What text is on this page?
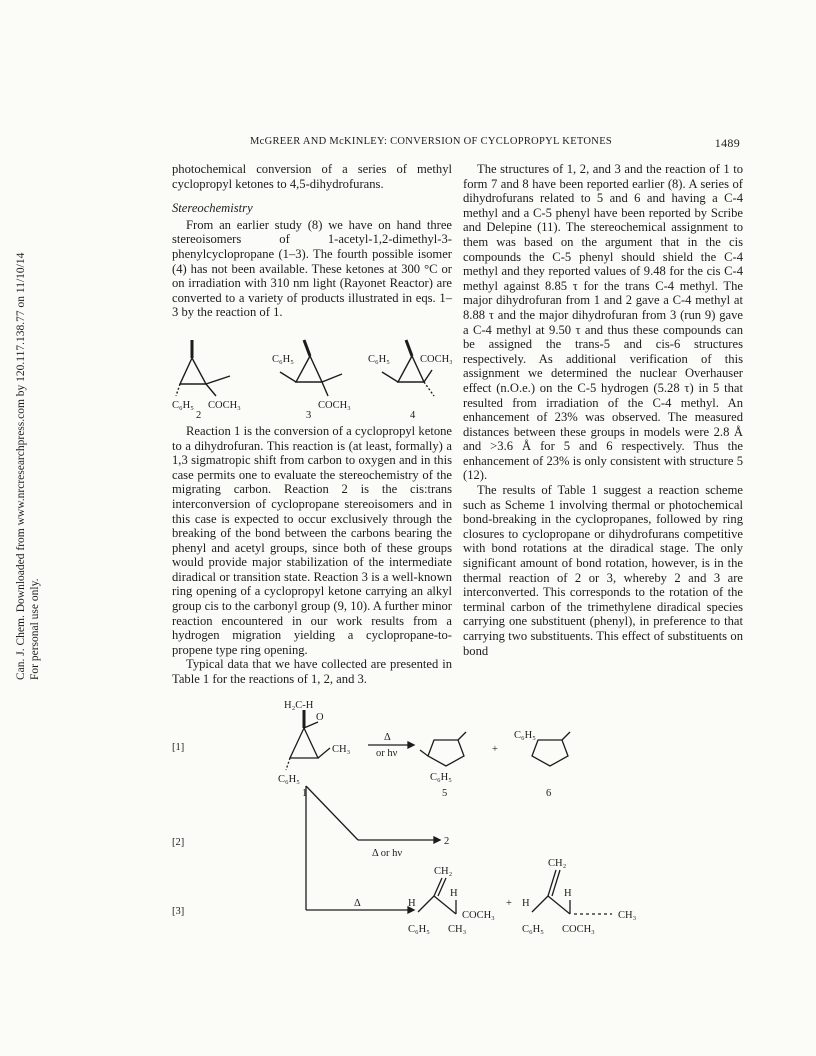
Can. J. Chem. Downloaded from www.nrcresearchpress.com by 120.117.138.77 on 11/10/14 For personal use only.
McGREER AND McKINLEY: CONVERSION OF CYCLOPROPYL KETONES	1489

photochemical conversion of a series of methyl cyclopropyl ketones to 4,5-dihydrofurans.

Stereochemistry

From an earlier study (8) we have on hand three stereoisomers of 1-acetyl-1,2-dimethyl-3-phenylcyclopropane (1–3). The fourth possible isomer (4) has not been available. These ketones at 300 °C or on irradiation with 310 nm light (Rayonet Reactor) are converted to a variety of products illustrated in eqs. 1–3 by the reaction of 1.

C₆H₅ COCH₃
2
C₆H₅
COCH₃
3
C₆H₅	COCH₃
4

Reaction 1 is the conversion of a cyclopropyl ketone to a dihydrofuran. This reaction is (at least, formally) a 1,3 sigmatropic shift from carbon to oxygen and in this case permits one to evaluate the stereochemistry of the migrating carbon. Reaction 2 is the cis:trans interconversion of cyclopropane stereoisomers and in this case is expected to occur exclusively through the breaking of the bond between the carbons bearing the phenyl and acetyl groups, since both of these groups would provide major stabilization of the intermediate diradical or transition state. Reaction 3 is a well-known ring opening of a cyclopropyl ketone carrying an alkyl group cis to the carbonyl group (9, 10). A further minor reaction encountered in our work results from a hydrogen migration yielding a cyclopropane-to-propene type ring opening.

Typical data that we have collected are presented in Table 1 for the reactions of 1, 2, and 3.

The structures of 1, 2, and 3 and the reaction of 1 to form 7 and 8 have been reported earlier (8). A series of dihydrofurans related to 5 and 6 and having a C-4 methyl and a C-5 phenyl have been reported by Scribe and Delepine (11). The stereochemical assignment to them was based on the argument that in the cis compounds the C-5 phenyl should shield the C-4 methyl and they reported values of 9.48 for the cis C-4 methyl against 8.85 τ for the trans C-4 methyl. The major dihydrofuran from 1 and 2 gave a C-4 methyl at 8.88 τ and the major dihydrofuran from 3 (run 9) gave a C-4 methyl at 9.50 τ and thus these compounds can be assigned the trans-5 and cis-6 structures respectively. As additional verification of this assignment we determined the nuclear Overhauser effect (n.O.e.) on the C-5 hydrogen (5.28 τ) in 5 that resulted from irradiation of the C-4 methyl. An enhancement of 23% was observed. The measured distances between these groups in models were 2.8 Å and >3.6 Å for 5 and 6 respectively. Thus the enhancement of 23% is only consistent with structure 5 (12).

The results of Table 1 suggest a reaction scheme such as Scheme 1 involving thermal or photochemical bond-breaking in the cyclopropanes, followed by ring closures to cyclopropane or dihydrofurans competitive with bond rotations at the diradical stage. The only significant amount of bond rotation, however, is in the thermal reaction of 2 or 3, whereby 2 and 3 are interconverted. This corresponds to the rotation of the terminal carbon of the trimethylene diradical species carrying one substituent (phenyl), in preference to that carrying two substituents. This effect of substituents on bond

[1]
[2]
[3]
H₂C-H
O
CH₃
C₆H₅
1
Δ
or hν	+
C₆H₅
5
C₆H₅
6
Δ or hν
2
Δ
CH₂
H
H
COCH₃
C₆H₅ CH₃
+
CH₂
H
H
CH₃
C₆H₅ COCH₃
